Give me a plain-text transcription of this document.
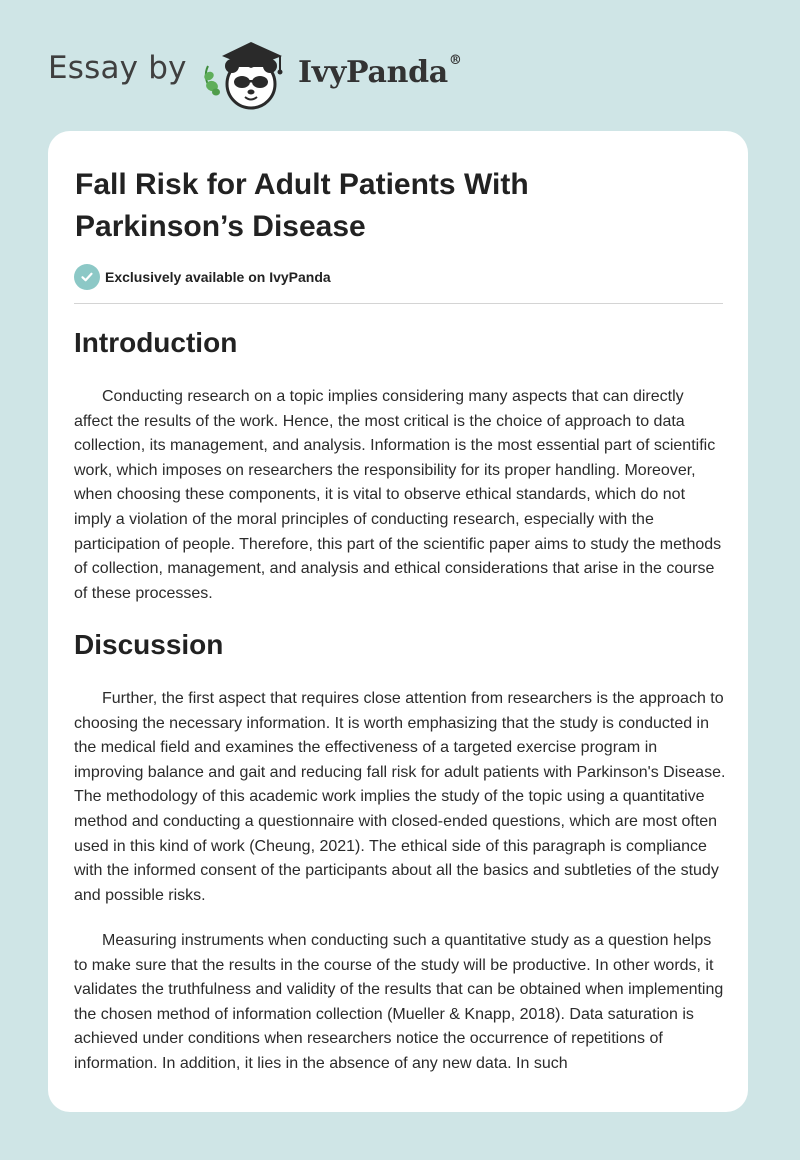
Essay by	IvyPanda®
Fall Risk for Adult Patients With Parkinson’s Disease
Exclusively available on IvyPanda
Introduction

Conducting research on a topic implies considering many aspects that can directly affect the results of the work. Hence, the most critical is the choice of approach to data collection, its management, and analysis. Information is the most essential part of scientific work, which imposes on researchers the responsibility for its proper handling. Moreover, when choosing these components, it is vital to observe ethical standards, which do not imply a violation of the moral principles of conducting research, especially with the participation of people. Therefore, this part of the scientific paper aims to study the methods of collection, management, and analysis and ethical considerations that arise in the course of these processes.

Discussion

Further, the first aspect that requires close attention from researchers is the approach to choosing the necessary information. It is worth emphasizing that the study is conducted in the medical field and examines the effectiveness of a targeted exercise program in improving balance and gait and reducing fall risk for adult patients with Parkinson's Disease. The methodology of this academic work implies the study of the topic using a quantitative method and conducting a questionnaire with closed-ended questions, which are most often used in this kind of work (Cheung, 2021). The ethical side of this paragraph is compliance with the informed consent of the participants about all the basics and subtleties of the study and possible risks.

Measuring instruments when conducting such a quantitative study as a question helps to make sure that the results in the course of the study will be productive. In other words, it validates the truthfulness and validity of the results that can be obtained when implementing the chosen method of information collection (Mueller & Knapp, 2018). Data saturation is achieved under conditions when researchers notice the occurrence of repetitions of information. In addition, it lies in the absence of any new data. In such
